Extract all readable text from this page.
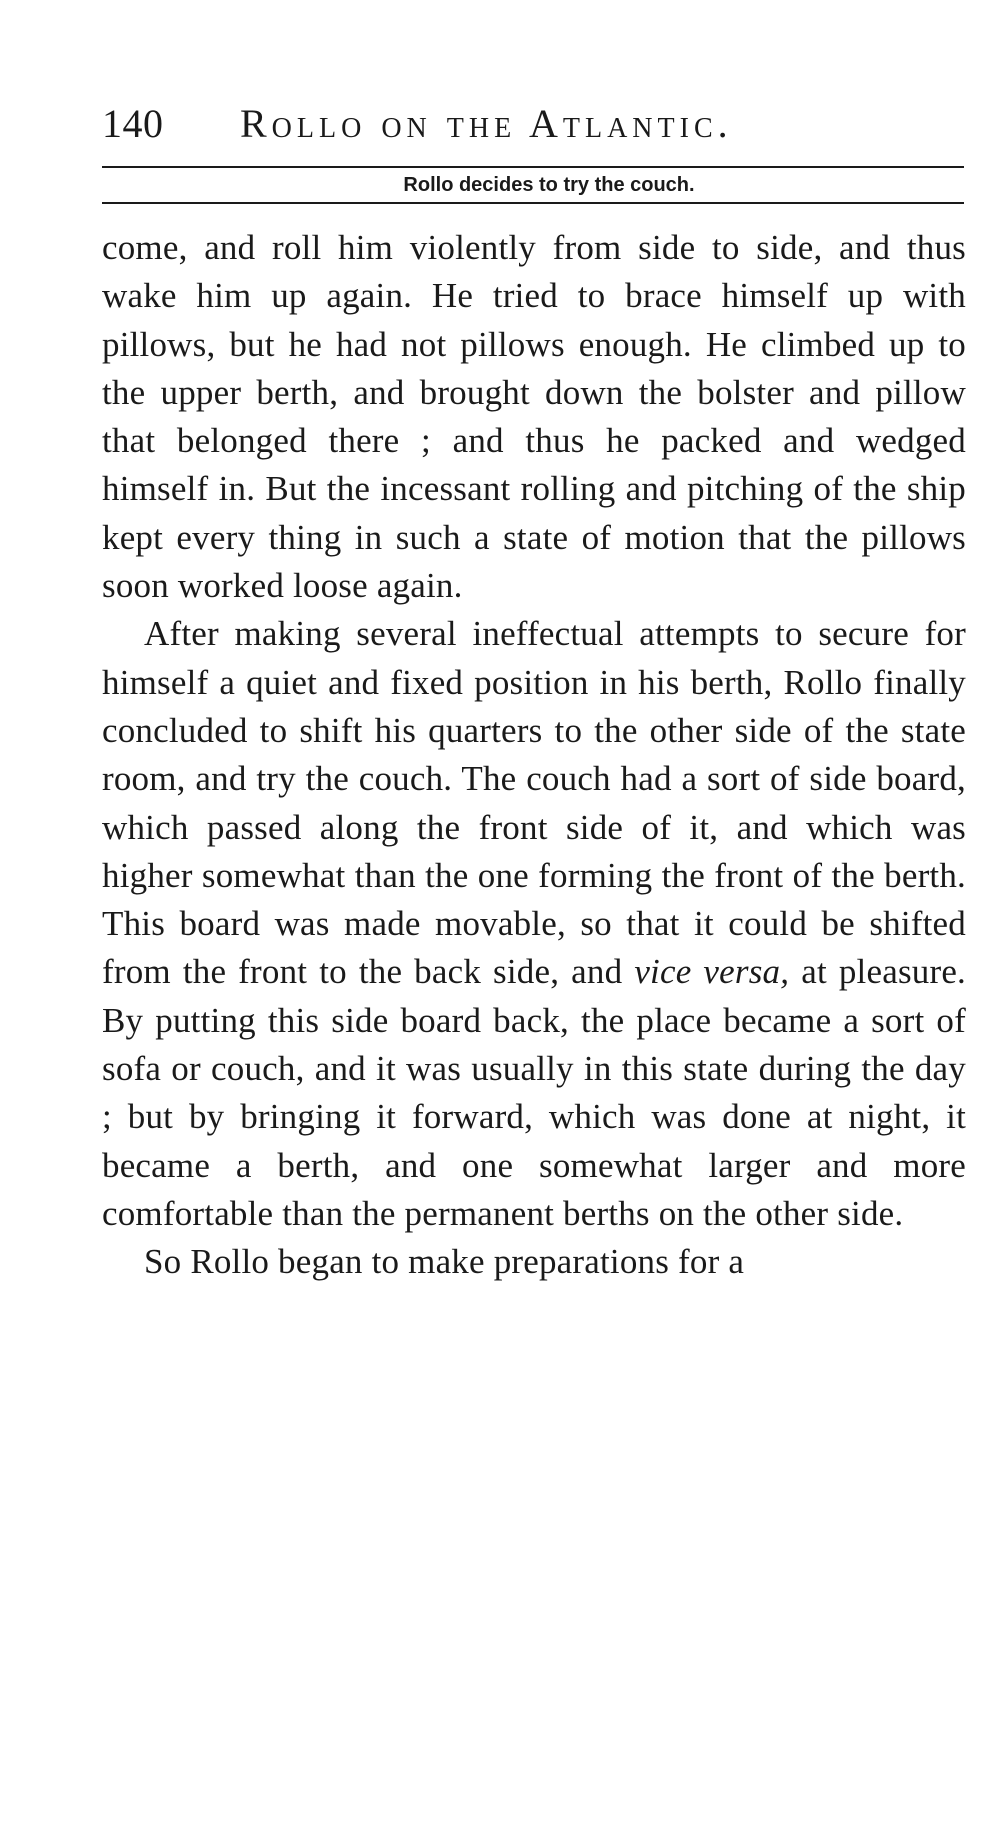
140 Rollo on the Atlantic.
Rollo decides to try the couch.

come, and roll him violently from side to side, and thus wake him up again. He tried to brace himself up with pillows, but he had not pillows enough. He climbed up to the upper berth, and brought down the bolster and pillow that belonged there ; and thus he packed and wedged himself in. But the incessant rolling and pitching of the ship kept every thing in such a state of motion that the pillows soon worked loose again.

After making several ineffectual attempts to secure for himself a quiet and fixed position in his berth, Rollo finally concluded to shift his quarters to the other side of the state room, and try the couch. The couch had a sort of side board, which passed along the front side of it, and which was higher somewhat than the one forming the front of the berth. This board was made movable, so that it could be shifted from the front to the back side, and vice versa, at pleasure. By putting this side board back, the place became a sort of sofa or couch, and it was usually in this state during the day ; but by bringing it forward, which was done at night, it became a berth, and one somewhat larger and more comfortable than the permanent berths on the other side.

So Rollo began to make preparations for a
